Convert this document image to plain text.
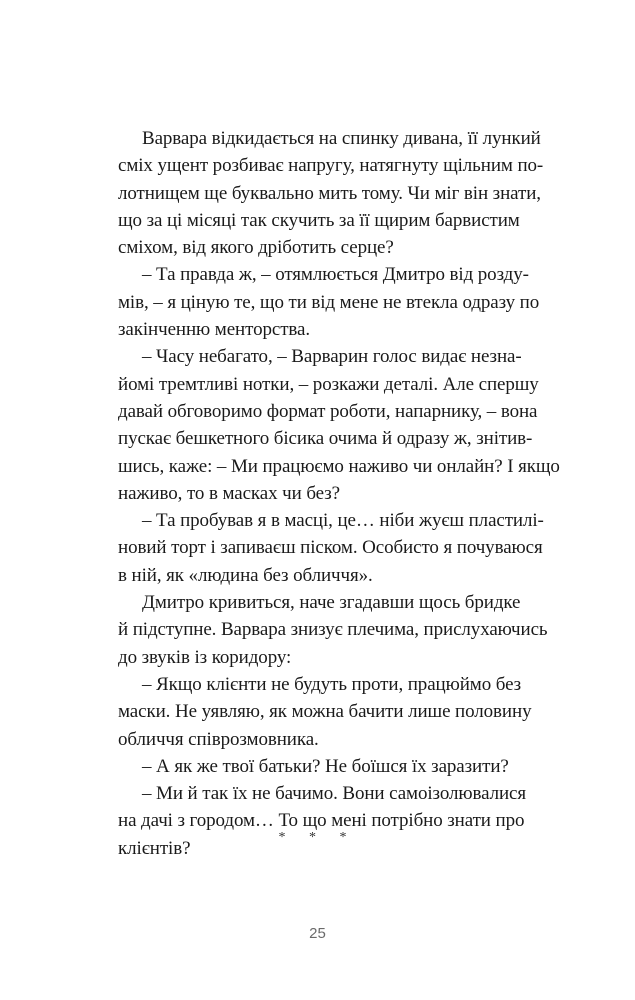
Варвара відкидається на спинку дивана, її лункий
сміх ущент розбиває напругу, натягнуту щільним по-
лотнищем ще буквально мить тому. Чи міг він знати,
що за ці місяці так скучить за її щирим барвистим
сміхом, від якого дріботить серце?

– Та правда ж, – отямлюється Дмитро від розду-
мів, – я ціную те, що ти від мене не втекла одразу по
закінченню менторства.

– Часу небагато, – Варварин голос видає незна-
йомі тремтливі нотки, – розкажи деталі. Але спершу
давай обговоримо формат роботи, напарнику, – вона
пускає бешкетного бісика очима й одразу ж, знітив-
шись, каже: – Ми працюємо наживо чи онлайн? І якщо
наживо, то в масках чи без?

– Та пробував я в масці, це… ніби жуєш пластилі-
новий торт і запиваєш піском. Особисто я почуваюся
в ній, як «людина без обличчя».

Дмитро кривиться, наче згадавши щось бридке
й підступне. Варвара знизує плечима, прислухаючись
до звуків із коридору:

– Якщо клієнти не будуть проти, працюймо без
маски. Не уявляю, як можна бачити лише половину
обличчя співрозмовника.

– А як же твої батьки? Не боїшся їх заразити?

– Ми й так їх не бачимо. Вони самоізолювалися
на дачі з городом… То що мені потрібно знати про
клієнтів?

* * *
25
